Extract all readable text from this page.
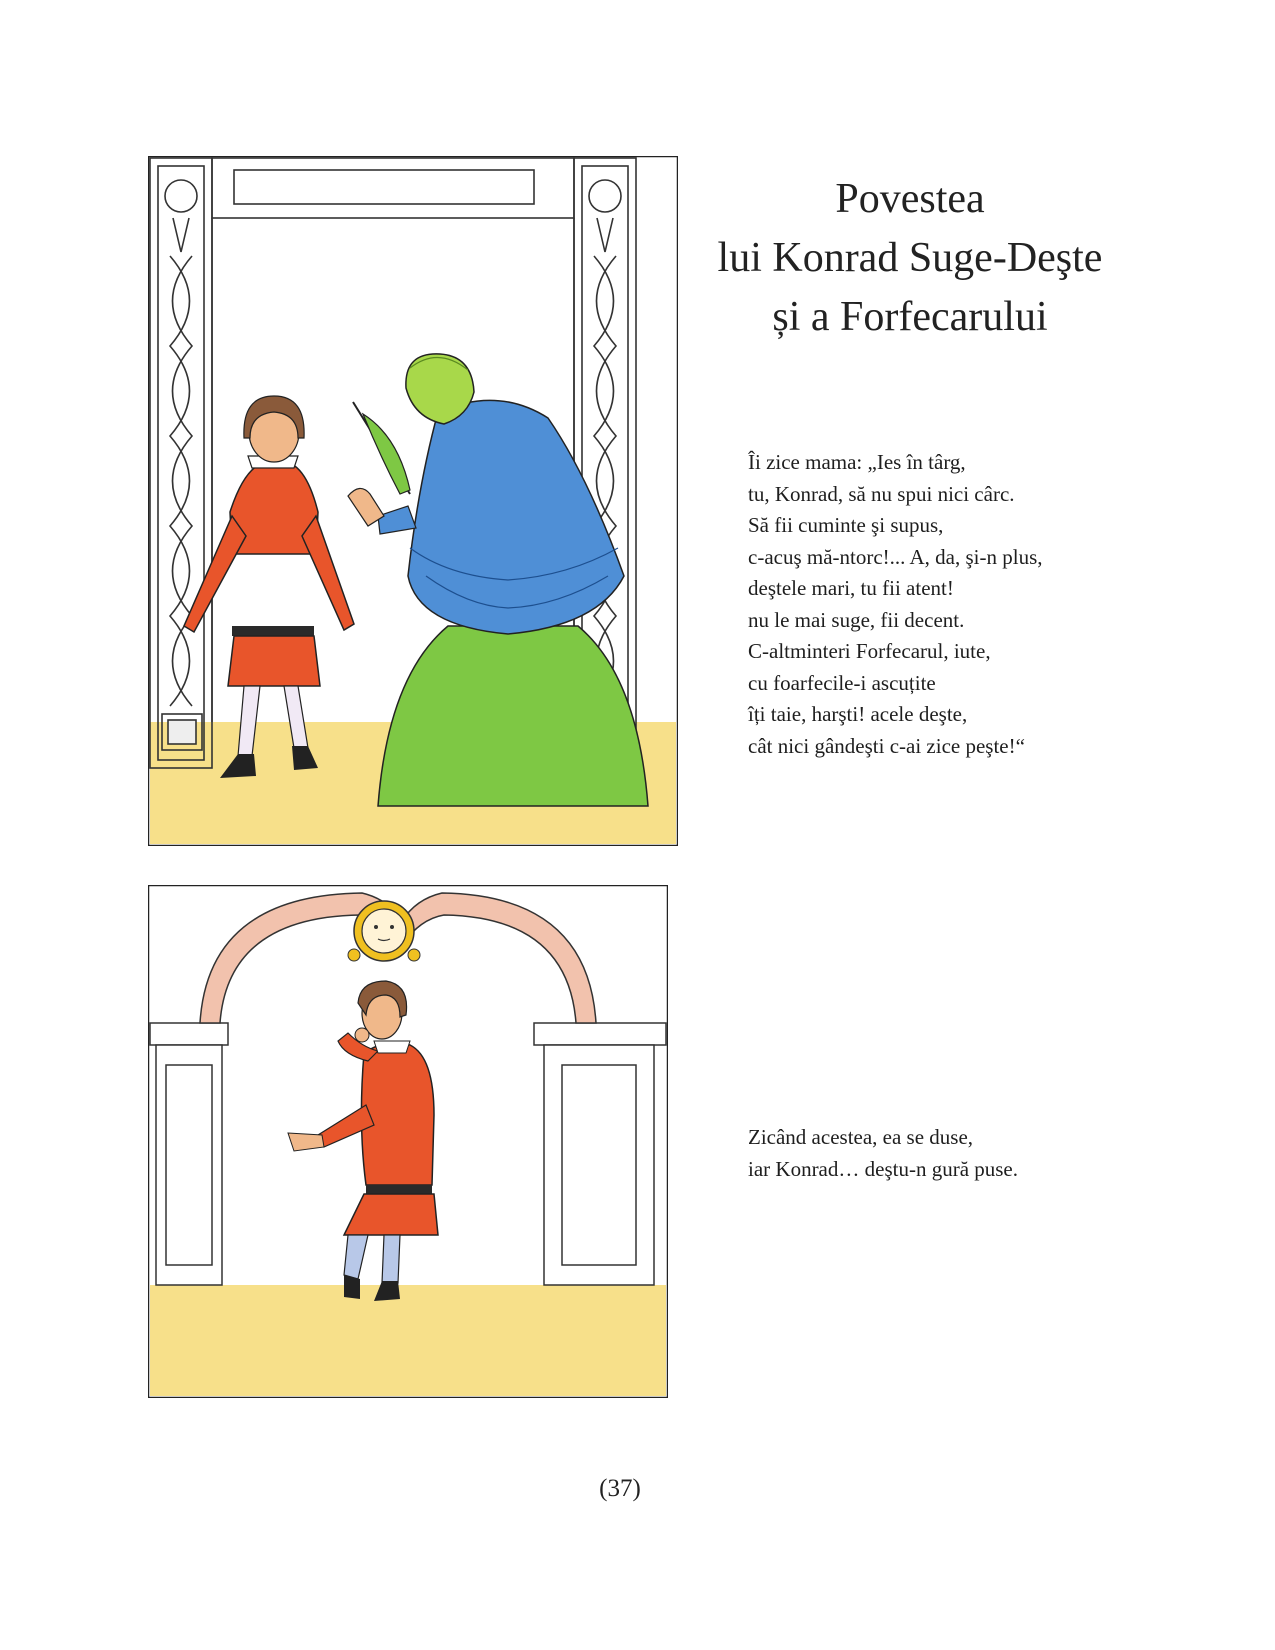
Povestea
lui Konrad Suge-Deşte
și a Forfecarului
Îi zice mama: „Ies în târg,
tu, Konrad, să nu spui nici cârc.
Să fii cuminte şi supus,
c-acuş mă-ntorc!... A, da, şi-n plus,
deştele mari, tu fii atent!
nu le mai suge, fii decent.
C-altminteri Forfecarul, iute,
cu foarfecile-i ascuțite
îți taie, harşti! acele deşte,
cât nici gândeşti c-ai zice peşte!“
Zicând acestea, ea se duse,
iar Konrad… deştu-n gură puse.
(37)
